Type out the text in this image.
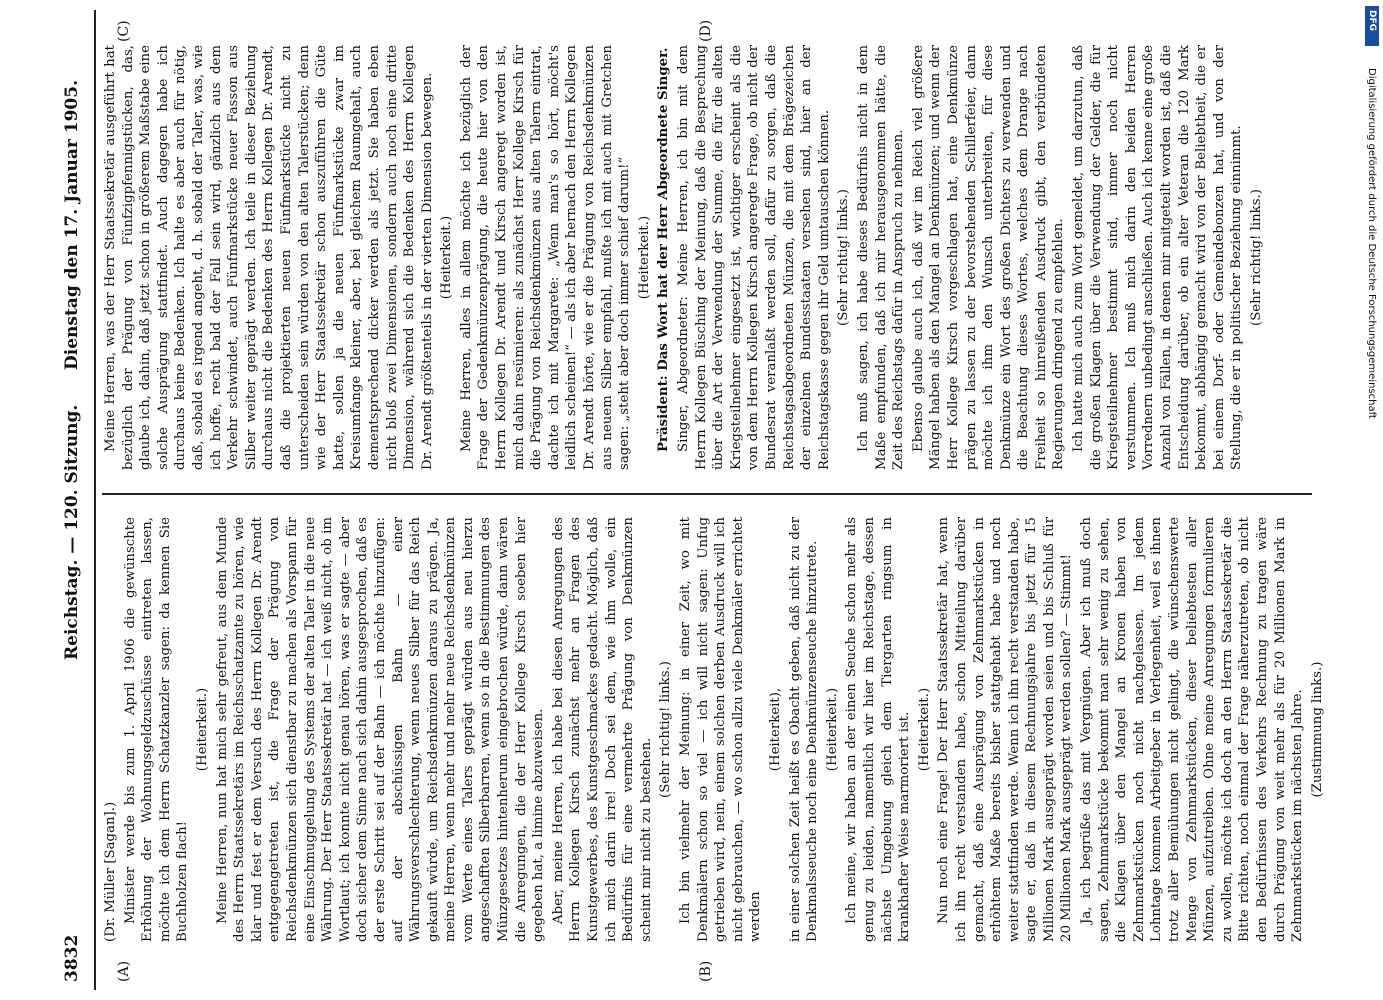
3832
Reichstag. — 120. Sitzung.
Dienstag den 17. Januar 1905.
(A)	(B)
(C)	(D)

(Dr. Müller [Sagan].) Minister werde bis zum 1. April 1906 die gewünschte Erhöhung der Wohnungsgeldzuschüsse eintreten lassen, möchte ich dem Herrn Schatzkanzler sagen: da kennen Sie Buchholzen flach!

(Heiterkeit.) Meine Herren, nun hat mich sehr gefreut, aus dem Munde des Herrn Staatssekretärs im Reichsschatzamte zu hören, wie klar und fest er dem Versuch des Herrn Kollegen Dr. Arendt entgegengetreten ist, die Frage der Prägung von Reichsdenkmünzen sich dienstbar zu machen als Vorspann für eine Einschmuggelung des Systems der alten Taler in die neue Währung. Der Herr Staatssekretär hat — ich weiß nicht, ob im Wortlaut; ich konnte nicht genau hören, was er sagte — aber doch sicher dem Sinne nach sich dahin ausgesprochen, daß es der erste Schritt sei auf der Bahn — ich möchte hinzufügen: auf der abschüssigen Bahn — einer Währungsverschlechterung, wenn neues Silber für das Reich gekauft würde, um Reichsdenkmünzen daraus zu prägen. Ja, meine Herren, wenn mehr und mehr neue Reichsdenkmünzen vom Werte eines Talers geprägt würden aus neu hierzu angeschafften Silberbarren, wenn so in die Bestimmungen des Münzgesetzes hintenherum eingebrochen würde, dann wären die Anregungen, die der Herr Kollege Kirsch soeben hier gegeben hat, a limine abzuweisen. Aber, meine Herren, ich habe bei diesen Anregungen des Herrn Kollegen Kirsch zunächst mehr an Fragen des Kunstgewerbes, des Kunstgeschmackes gedacht. Möglich, daß ich mich darin irre! Doch sei dem, wie ihm wolle, ein Bedürfnis für eine vermehrte Prägung von Denkmünzen scheint mir nicht zu bestehen.

(Sehr richtig! links.) Ich bin vielmehr der Meinung: in einer Zeit, wo mit Denkmälern schon so viel — ich will nicht sagen: Unfug getrieben wird, nein, einem solchen derben Ausdruck will ich nicht gebrauchen, — wo schon allzu viele Denkmäler errichtet werden

(Heiterkeit), in einer solchen Zeit heißt es Obacht geben, daß nicht zu der Denkmalsseuche noch eine Denkmünzenseuche hinzutrete. (Heiterkeit.) Ich meine, wir haben an der einen Seuche schon mehr als genug zu leiden, namentlich wir hier im Reichstage, dessen nächste Umgebung gleich dem Tiergarten ringsum in krankhafter Weise marmoriert ist. (Heiterkeit.) Nun noch eine Frage! Der Herr Staatssekretär hat, wenn ich ihn recht verstanden habe, schon Mitteilung darüber gemacht, daß eine Ausprägung von Zehnmarkstücken in erhöhtem Maße bereits bisher stattgehabt habe und noch weiter stattfinden werde. Wenn ich ihn recht verstanden habe, sagte er, daß in diesem Rechnungsjahre bis jetzt für 15 Millionen Mark ausgeprägt worden seien und bis Schluß für 20 Millionen Mark ausgeprägt werden sollen? — Stimmt! Ja, ich begrüße das mit Vergnügen. Aber ich muß doch sagen, Zehnmarkstücke bekommt man sehr wenig zu sehen, die Klagen über den Mangel an Kronen haben von Zehnmarkstücken noch nicht nachgelassen. Im jedem Lohntage kommen Arbeitgeber in Verlegenheit, weil es ihnen trotz aller Bemühungen nicht gelingt, die wünschenswerte Menge von Zehnmarkstücken, dieser beliebtesten aller Münzen, aufzutreiben. Ohne meine Anregungen formulieren zu wollen, möchte ich doch an den Herrn Staatssekretär die Bitte richten, noch einmal der Frage näherzutreten, ob nicht den Bedürfnissen des Verkehrs Rechnung zu tragen wäre durch Prägung von weit mehr als für 20 Millionen Mark in Zehnmarkstücken im nächsten Jahre. (Zustimmung links.)

Meine Herren, was der Herr Staatssekretär ausgeführt hat bezüglich der Prägung von Fünfzigpfennigstücken, das, glaube ich, dahin, daß jetzt schon in größerem Maßstabe eine solche Ausprägung stattfindet. Auch dagegen habe ich durchaus keine Bedenken. Ich halte es aber auch für nötig, daß, sobald es irgend angeht, d. h. sobald der Taler, was, wie ich hoffe, recht bald der Fall sein wird, gänzlich aus dem Verkehr schwindet, auch Fünfmarkstücke neuer Fasson aus Silber weiter geprägt werden. Ich teile in dieser Beziehung durchaus nicht die Bedenken des Herrn Kollegen Dr. Arendt, daß die projektierten neuen Fünfmarkstücke nicht zu unterscheiden sein würden von den alten Talerstücken; denn wie der Herr Staatssekretär schon auszuführen die Güte hatte, sollen ja die neuen Fünfmarkstücke zwar im Kreisumfange kleiner, aber, bei gleichem Raumgehalt, auch dementsprechend dicker werden als jetzt. Sie haben eben nicht bloß zwei Dimensionen, sondern auch noch eine dritte Dimension, während sich die Bedenken des Herrn Kollegen Dr. Arendt größtenteils in der vierten Dimension bewegen. (Heiterkeit.) Meine Herren, alles in allem möchte ich bezüglich der Frage der Gedenkmünzenprägung, die heute hier von den Herrn Kollegen Dr. Arendt und Kirsch angeregt worden ist, mich dahin resümieren: als zunächst Herr Kollege Kirsch für die Prägung von Reichsdenkmünzen aus alten Talern eintrat, dachte ich mit Margarete: „Wenn man's so hört, möcht's leidlich scheinen!“ — als ich aber hernach den Herrn Kollegen Dr. Arendt hörte, wie er die Prägung von Reichsdenkmünzen aus neuem Silber empfahl, mußte ich mit auch mit Gretchen sagen: „steht aber doch immer schief darum!“ (Heiterkeit.) Präsident: Das Wort hat der Herr Abgeordnete Singer. Singer, Abgeordneter: Meine Herren, ich bin mit dem Herrn Kollegen Büsching der Meinung, daß die Besprechung über die Art der Verwendung der Summe, die für die alten Kriegsteilnehmer eingesetzt ist, wichtiger erscheint als die von dem Herrn Kollegen Kirsch angeregte Frage, ob nicht der Bundesrat veranlaßt werden soll, dafür zu sorgen, daß die Reichstagsabgeordneten Münzen, die mit dem Brägezeichen der einzelnen Bundesstaaten versehen sind, hier an der Reichstagskasse gegen ihr Geld umtauschen können. (Sehr richtig! links.) Ich muß sagen, ich habe dieses Bedürfnis nicht in dem Maße empfunden, daß ich mir herausgenommen hätte, die Zeit des Reichstags dafür in Anspruch zu nehmen. Ebenso glaube auch ich, daß wir im Reich viel größere Mängel haben als den Mangel an Denkmünzen; und wenn der Herr Kollege Kirsch vorgeschlagen hat, eine Denkmünze prägen zu lassen zu der bevorstehenden Schillerfeier, dann möchte ich ihm den Wunsch unterbreiten, für diese Denkmünze ein Wort des großen Dichters zu verwenden und die Beachtung dieses Wortes, welches dem Drange nach Freiheit so hinreißenden Ausdruck gibt, den verbündeten Regierungen dringend zu empfehlen. Ich hatte mich auch zum Wort gemeldet, um darzutun, daß die großen Klagen über die Verwendung der Gelder, die für Kriegsteilnehmer bestimmt sind, immer noch nicht verstummen. Ich muß mich darin den beiden Herren Vorrednern unbedingt anschließen. Auch ich kenne eine große Anzahl von Fällen, in denen mir mitgeteilt worden ist, daß die Entscheidung darüber, ob ein alter Veteran die 120 Mark bekommt, abhängig gemacht wird von der Beliebtheit, die er bei einem Dorf- oder Gemeindebonzen hat, und von der Stellung, die er in politischer Beziehung einnimmt. (Sehr richtig! links.)	Digitalisierung gefördert durch die Deutsche Forschungsgemeinschaft
DFG
